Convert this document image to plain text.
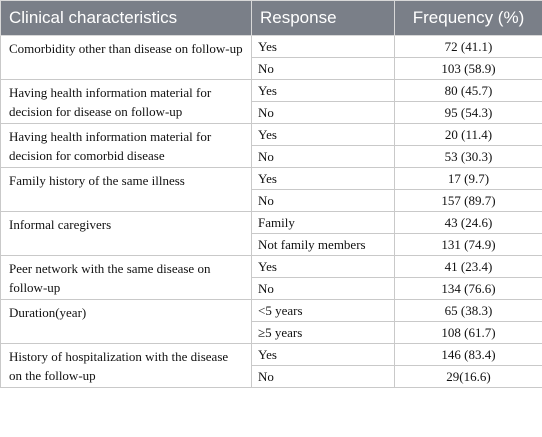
Clinical characteristics	Response	Frequency (%)
Comorbidity other than disease on follow-up	Yes	72 (41.1)
	No	103 (58.9)
Having health information material for decision for disease on follow-up	Yes	80 (45.7)
	No	95 (54.3)
Having health information material for decision for comorbid disease	Yes	20 (11.4)
	No	53 (30.3)
Family history of the same illness	Yes	17 (9.7)
	No	157 (89.7)
Informal caregivers	Family	43 (24.6)
	Not family members	131 (74.9)
Peer network with the same disease on follow-up	Yes	41 (23.4)
	No	134 (76.6)
Duration(year)	<5 years	65 (38.3)
	≥5 years	108 (61.7)
History of hospitalization with the disease on the follow-up	Yes	146 (83.4)
	No	29(16.6)
